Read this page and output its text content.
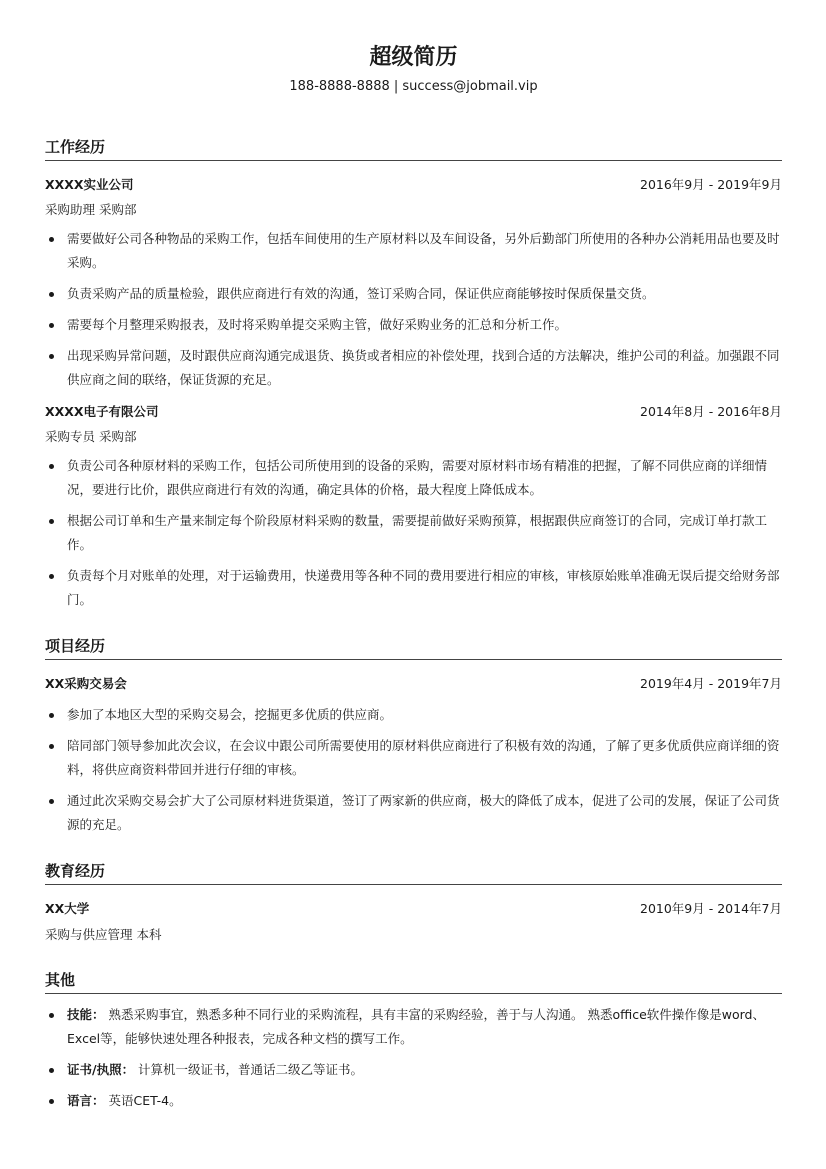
超级简历
188-8888-8888 | success@jobmail.vip
工作经历
XXXX实业公司	2016年9月 - 2019年9月
采购助理 采购部
需要做好公司各种物品的采购工作，包括车间使用的生产原材料以及车间设备，另外后勤部门所使用的各种办公消耗用品也要及时采购。
负责采购产品的质量检验，跟供应商进行有效的沟通，签订采购合同，保证供应商能够按时保质保量交货。
需要每个月整理采购报表，及时将采购单提交采购主管，做好采购业务的汇总和分析工作。
出现采购异常问题，及时跟供应商沟通完成退货、换货或者相应的补偿处理，找到合适的方法解决，维护公司的利益。加强跟不同供应商之间的联络，保证货源的充足。
XXXX电子有限公司	2014年8月 - 2016年8月
采购专员 采购部
负责公司各种原材料的采购工作，包括公司所使用到的设备的采购，需要对原材料市场有精准的把握，了解不同供应商的详细情况，要进行比价，跟供应商进行有效的沟通，确定具体的价格，最大程度上降低成本。
根据公司订单和生产量来制定每个阶段原材料采购的数量，需要提前做好采购预算，根据跟供应商签订的合同，完成订单打款工作。
负责每个月对账单的处理，对于运输费用，快递费用等各种不同的费用要进行相应的审核，审核原始账单准确无误后提交给财务部门。
项目经历
XX采购交易会	2019年4月 - 2019年7月
参加了本地区大型的采购交易会，挖掘更多优质的供应商。
陪同部门领导参加此次会议，在会议中跟公司所需要使用的原材料供应商进行了积极有效的沟通，了解了更多优质供应商详细的资料，将供应商资料带回并进行仔细的审核。
通过此次采购交易会扩大了公司原材料进货渠道，签订了两家新的供应商，极大的降低了成本，促进了公司的发展，保证了公司货源的充足。
教育经历
XX大学	2010年9月 - 2014年7月
采购与供应管理 本科
其他
技能： 熟悉采购事宜，熟悉多种不同行业的采购流程，具有丰富的采购经验，善于与人沟通。 熟悉office软件操作像是word、Excel等，能够快速处理各种报表，完成各种文档的撰写工作。
证书/执照： 计算机一级证书，普通话二级乙等证书。
语言： 英语CET-4。
